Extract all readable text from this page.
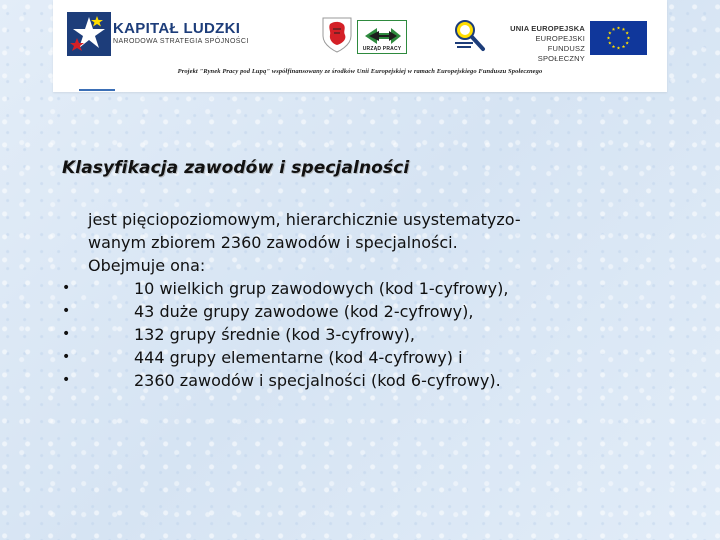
KAPITAŁ LUDZKI
NARODOWA STRATEGIA SPÓJNOŚCI
URZĄD PRACY
UNIA EUROPEJSKA
EUROPEJSKI
FUNDUSZ SPOŁECZNY
Projekt "Rynek Pracy pod Lupą" współfinansowany ze środków Unii Europejskiej w ramach Europejskiego Funduszu Społecznego
Klasyfikacja zawodów i specjalności
jest pięciopoziomowym, hierarchicznie usystematyzo-
wanym zbiorem 2360 zawodów i specjalności.
Obejmuje ona:
•	10 wielkich grup zawodowych (kod 1-cyfrowy),
•	43 duże grupy zawodowe (kod 2-cyfrowy),
•	132 grupy średnie (kod 3-cyfrowy),
•	444 grupy elementarne (kod 4-cyfrowy) i
•	2360 zawodów i specjalności (kod 6-cyfrowy).
